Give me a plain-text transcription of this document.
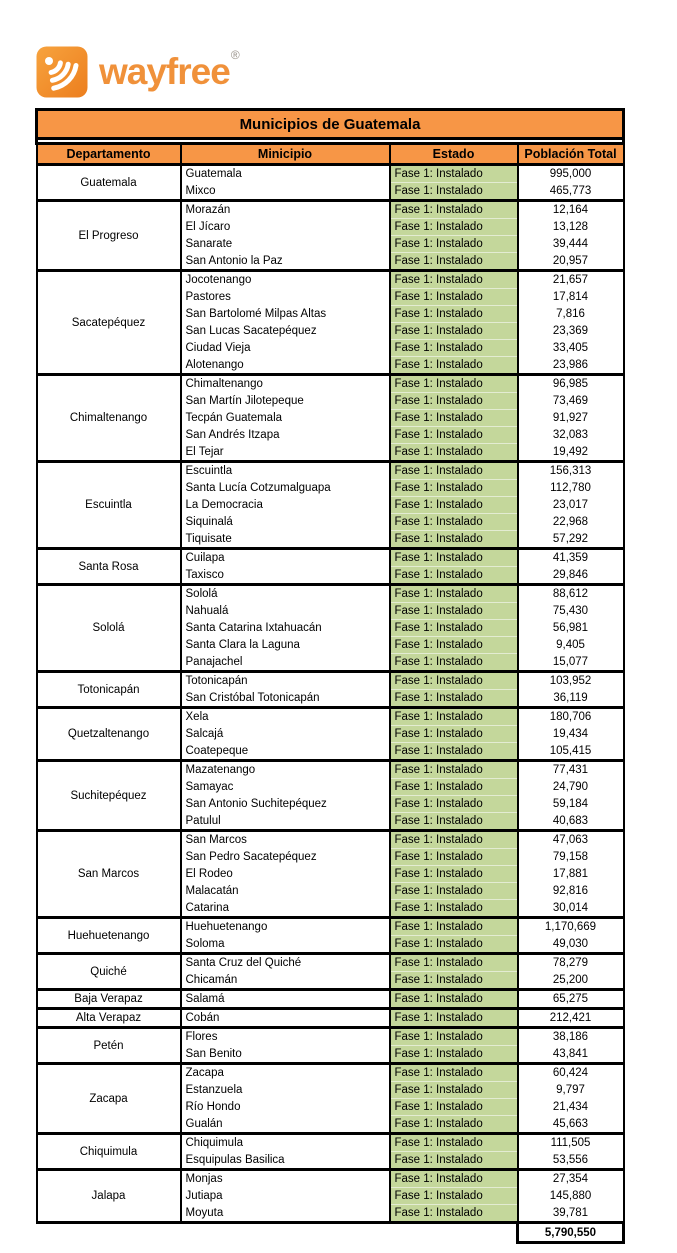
wayfree ®
Municipios de Guatemala			

Departamento	Minicipio	Estado	Población Total
Guatemala	Guatemala	Fase 1: Instalado	995,000
	Mixco	Fase 1: Instalado	465,773
El Progreso	Morazán	Fase 1: Instalado	12,164
	El Jícaro	Fase 1: Instalado	13,128
	Sanarate	Fase 1: Instalado	39,444
	San Antonio la Paz	Fase 1: Instalado	20,957
Sacatepéquez	Jocotenango	Fase 1: Instalado	21,657
	Pastores	Fase 1: Instalado	17,814
	San Bartolomé Milpas Altas	Fase 1: Instalado	7,816
	San Lucas Sacatepéquez	Fase 1: Instalado	23,369
	Ciudad Vieja	Fase 1: Instalado	33,405
	Alotenango	Fase 1: Instalado	23,986
Chimaltenango	Chimaltenango	Fase 1: Instalado	96,985
	San Martín Jilotepeque	Fase 1: Instalado	73,469
	Tecpán Guatemala	Fase 1: Instalado	91,927
	San Andrés Itzapa	Fase 1: Instalado	32,083
	El Tejar	Fase 1: Instalado	19,492
Escuintla	Escuintla	Fase 1: Instalado	156,313
	Santa Lucía Cotzumalguapa	Fase 1: Instalado	112,780
	La Democracia	Fase 1: Instalado	23,017
	Siquinalá	Fase 1: Instalado	22,968
	Tiquisate	Fase 1: Instalado	57,292
Santa Rosa	Cuilapa	Fase 1: Instalado	41,359
	Taxisco	Fase 1: Instalado	29,846
Sololá	Sololá	Fase 1: Instalado	88,612
	Nahualá	Fase 1: Instalado	75,430
	Santa Catarina Ixtahuacán	Fase 1: Instalado	56,981
	Santa Clara la Laguna	Fase 1: Instalado	9,405
	Panajachel	Fase 1: Instalado	15,077
Totonicapán	Totonicapán	Fase 1: Instalado	103,952
	San Cristóbal Totonicapán	Fase 1: Instalado	36,119
Quetzaltenango	Xela	Fase 1: Instalado	180,706
	Salcajá	Fase 1: Instalado	19,434
	Coatepeque	Fase 1: Instalado	105,415
Suchitepéquez	Mazatenango	Fase 1: Instalado	77,431
	Samayac	Fase 1: Instalado	24,790
	San Antonio Suchitepéquez	Fase 1: Instalado	59,184
	Patulul	Fase 1: Instalado	40,683
San Marcos	San Marcos	Fase 1: Instalado	47,063
	San Pedro Sacatepéquez	Fase 1: Instalado	79,158
	El Rodeo	Fase 1: Instalado	17,881
	Malacatán	Fase 1: Instalado	92,816
	Catarina	Fase 1: Instalado	30,014
Huehuetenango	Huehuetenango	Fase 1: Instalado	1,170,669
	Soloma	Fase 1: Instalado	49,030
Quiché	Santa Cruz del Quiché	Fase 1: Instalado	78,279
	Chicamán	Fase 1: Instalado	25,200
Baja Verapaz	Salamá	Fase 1: Instalado	65,275
Alta Verapaz	Cobán	Fase 1: Instalado	212,421
Petén	Flores	Fase 1: Instalado	38,186
	San Benito	Fase 1: Instalado	43,841
Zacapa	Zacapa	Fase 1: Instalado	60,424
	Estanzuela	Fase 1: Instalado	9,797
	Río Hondo	Fase 1: Instalado	21,434
	Gualán	Fase 1: Instalado	45,663
Chiquimula	Chiquimula	Fase 1: Instalado	111,505
	Esquipulas Basilica	Fase 1: Instalado	53,556
Jalapa	Monjas	Fase 1: Instalado	27,354
	Jutiapa	Fase 1: Instalado	145,880
	Moyuta	Fase 1: Instalado	39,781
			5,790,550
